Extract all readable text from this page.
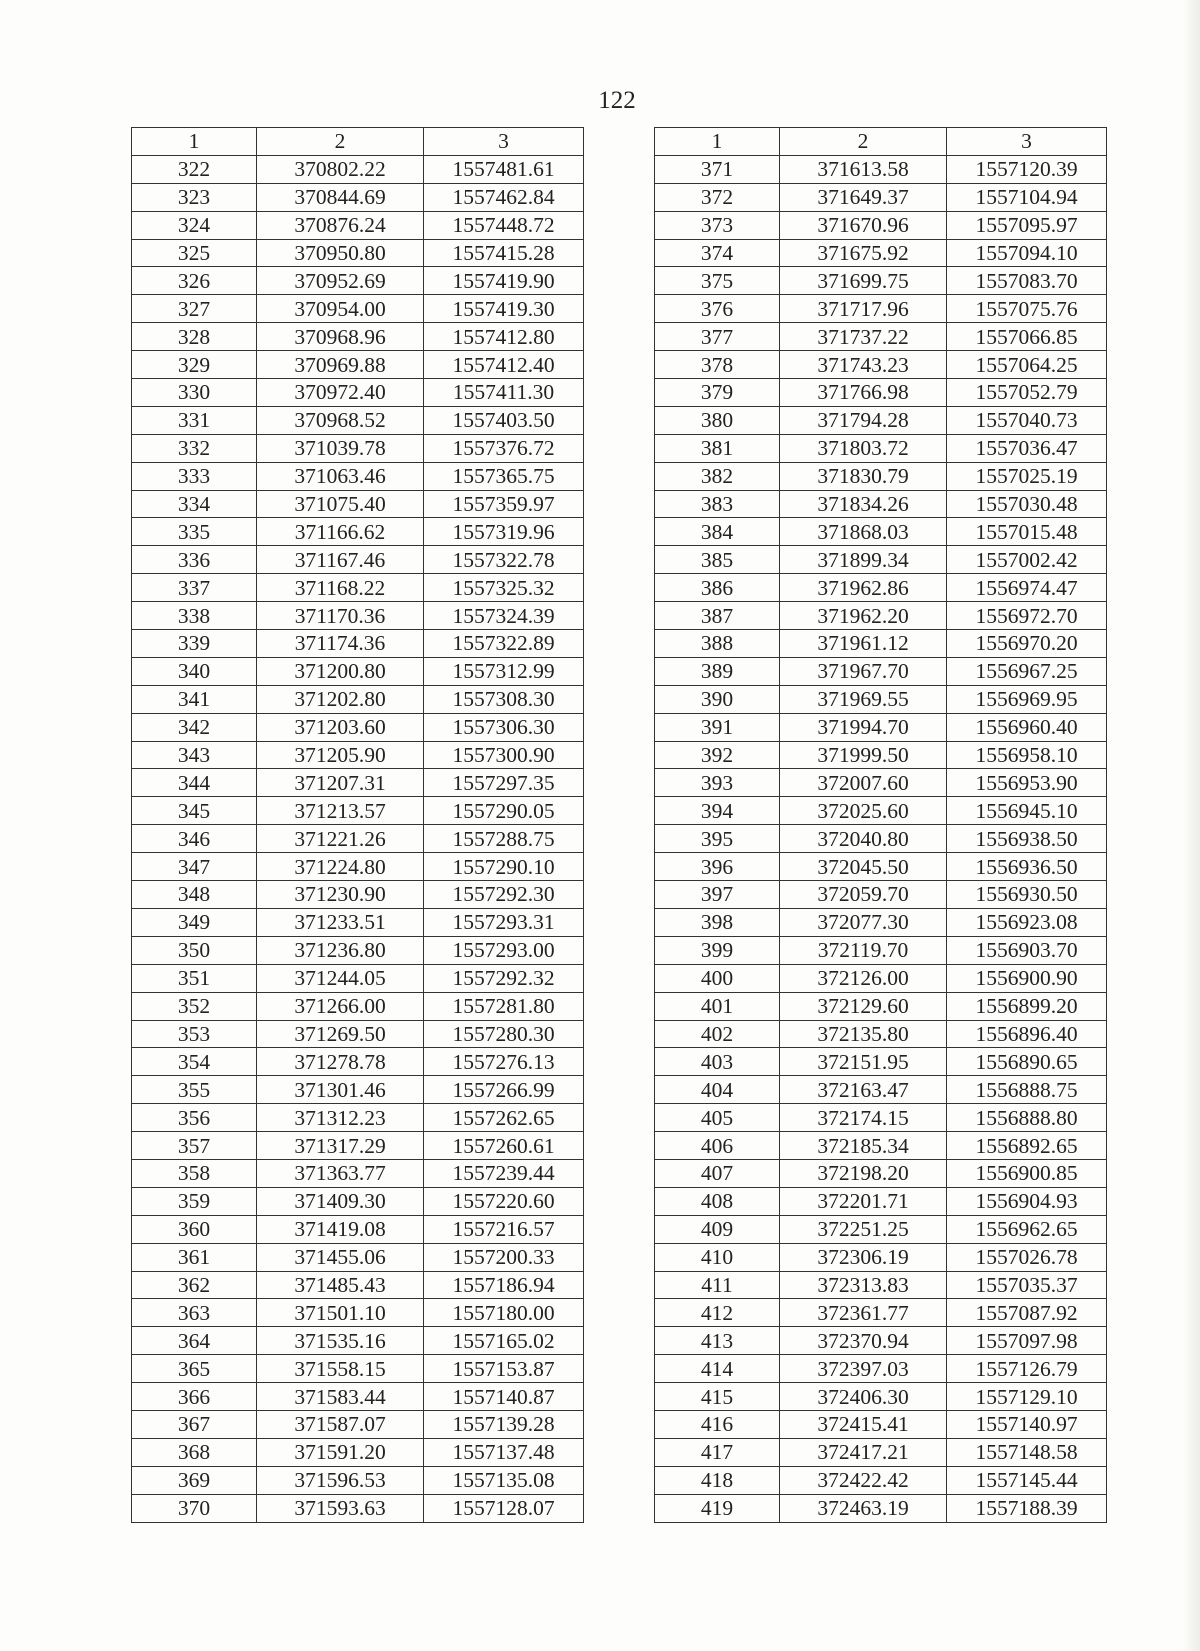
122
1	2	3
322	370802.22	1557481.61
323	370844.69	1557462.84
324	370876.24	1557448.72
325	370950.80	1557415.28
326	370952.69	1557419.90
327	370954.00	1557419.30
328	370968.96	1557412.80
329	370969.88	1557412.40
330	370972.40	1557411.30
331	370968.52	1557403.50
332	371039.78	1557376.72
333	371063.46	1557365.75
334	371075.40	1557359.97
335	371166.62	1557319.96
336	371167.46	1557322.78
337	371168.22	1557325.32
338	371170.36	1557324.39
339	371174.36	1557322.89
340	371200.80	1557312.99
341	371202.80	1557308.30
342	371203.60	1557306.30
343	371205.90	1557300.90
344	371207.31	1557297.35
345	371213.57	1557290.05
346	371221.26	1557288.75
347	371224.80	1557290.10
348	371230.90	1557292.30
349	371233.51	1557293.31
350	371236.80	1557293.00
351	371244.05	1557292.32
352	371266.00	1557281.80
353	371269.50	1557280.30
354	371278.78	1557276.13
355	371301.46	1557266.99
356	371312.23	1557262.65
357	371317.29	1557260.61
358	371363.77	1557239.44
359	371409.30	1557220.60
360	371419.08	1557216.57
361	371455.06	1557200.33
362	371485.43	1557186.94
363	371501.10	1557180.00
364	371535.16	1557165.02
365	371558.15	1557153.87
366	371583.44	1557140.87
367	371587.07	1557139.28
368	371591.20	1557137.48
369	371596.53	1557135.08
370	371593.63	1557128.07
1	2	3
371	371613.58	1557120.39
372	371649.37	1557104.94
373	371670.96	1557095.97
374	371675.92	1557094.10
375	371699.75	1557083.70
376	371717.96	1557075.76
377	371737.22	1557066.85
378	371743.23	1557064.25
379	371766.98	1557052.79
380	371794.28	1557040.73
381	371803.72	1557036.47
382	371830.79	1557025.19
383	371834.26	1557030.48
384	371868.03	1557015.48
385	371899.34	1557002.42
386	371962.86	1556974.47
387	371962.20	1556972.70
388	371961.12	1556970.20
389	371967.70	1556967.25
390	371969.55	1556969.95
391	371994.70	1556960.40
392	371999.50	1556958.10
393	372007.60	1556953.90
394	372025.60	1556945.10
395	372040.80	1556938.50
396	372045.50	1556936.50
397	372059.70	1556930.50
398	372077.30	1556923.08
399	372119.70	1556903.70
400	372126.00	1556900.90
401	372129.60	1556899.20
402	372135.80	1556896.40
403	372151.95	1556890.65
404	372163.47	1556888.75
405	372174.15	1556888.80
406	372185.34	1556892.65
407	372198.20	1556900.85
408	372201.71	1556904.93
409	372251.25	1556962.65
410	372306.19	1557026.78
411	372313.83	1557035.37
412	372361.77	1557087.92
413	372370.94	1557097.98
414	372397.03	1557126.79
415	372406.30	1557129.10
416	372415.41	1557140.97
417	372417.21	1557148.58
418	372422.42	1557145.44
419	372463.19	1557188.39
